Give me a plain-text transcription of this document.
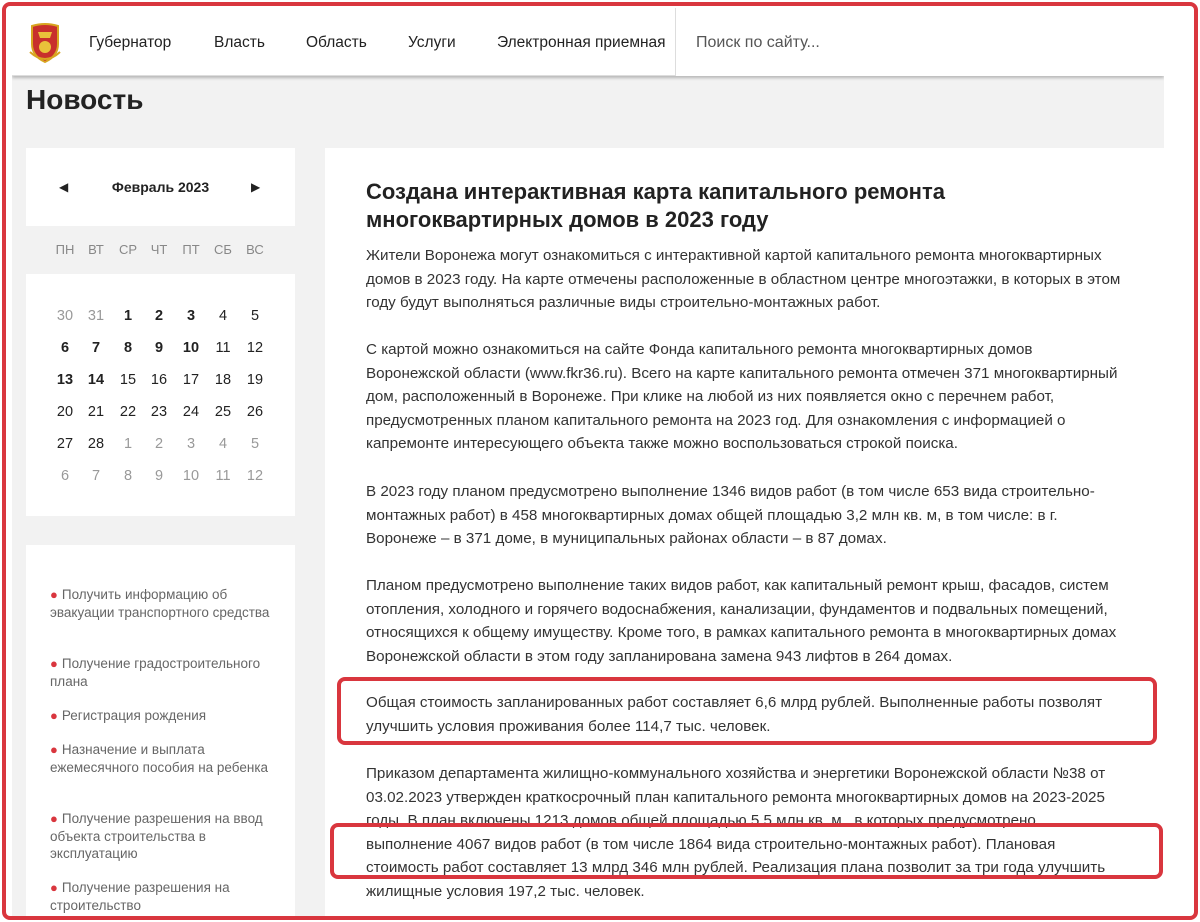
Губернатор	Власть	Область	Услуги	Электронная приемная
Поиск по сайту...
Новость
◀	Февраль 2023	▶
ПН	ВТ	СР	ЧТ	ПТ	СБ	ВС
30	31	1	2	3	4	5
6	7	8	9	10	11	12
13	14	15	16	17	18	19
20	21	22	23	24	25	26
27	28	1	2	3	4	5
6	7	8	9	10	11	12
● Получить информацию об эвакуации транспортного средства
● Получение градостроительного плана
● Регистрация рождения
● Назначение и выплата ежемесячного пособия на ребенка
● Получение разрешения на ввод объекта строительства в эксплуатацию
● Получение разрешения на строительство
Создана интерактивная карта капитального ремонта многоквартирных домов в 2023 году

Жители Воронежа могут ознакомиться с интерактивной картой капитального ремонта многоквартирных домов в 2023 году. На карте отмечены расположенные в областном центре многоэтажки, в которых в этом году будут выполняться различные виды строительно-монтажных работ.

С картой можно ознакомиться на сайте Фонда капитального ремонта многоквартирных домов Воронежской области (www.fkr36.ru). Всего на карте капитального ремонта отмечен 371 многоквартирный дом, расположенный в Воронеже. При клике на любой из них появляется окно с перечнем работ, предусмотренных планом капитального ремонта на 2023 год. Для ознакомления с информацией о капремонте интересующего объекта также можно воспользоваться строкой поиска.

В 2023 году планом предусмотрено выполнение 1346 видов работ (в том числе 653 вида строительно-монтажных работ) в 458 многоквартирных домах общей площадью 3,2 млн кв. м, в том числе: в г. Воронеже – в 371 доме, в муниципальных районах области – в 87 домах.

Планом предусмотрено выполнение таких видов работ, как капитальный ремонт крыш, фасадов, систем отопления, холодного и горячего водоснабжения, канализации, фундаментов и подвальных помещений, относящихся к общему имуществу. Кроме того, в рамках капитального ремонта в многоквартирных домах Воронежской области в этом году запланирована замена 943 лифтов в 264 домах.

Общая стоимость запланированных работ составляет 6,6 млрд рублей. Выполненные работы позволят улучшить условия проживания более 114,7 тыс. человек.

Приказом департамента жилищно-коммунального хозяйства и энергетики Воронежской области №38 от 03.02.2023 утвержден краткосрочный план капитального ремонта многоквартирных домов на 2023-2025 годы. В план включены 1213 домов общей площадью 5,5 млн кв. м., в которых предусмотрено выполнение 4067 видов работ (в том числе 1864 вида строительно-монтажных работ). Плановая стоимость работ составляет 13 млрд 346 млн рублей. Реализация плана позволит за три года улучшить жилищные условия 197,2 тыс. человек.
